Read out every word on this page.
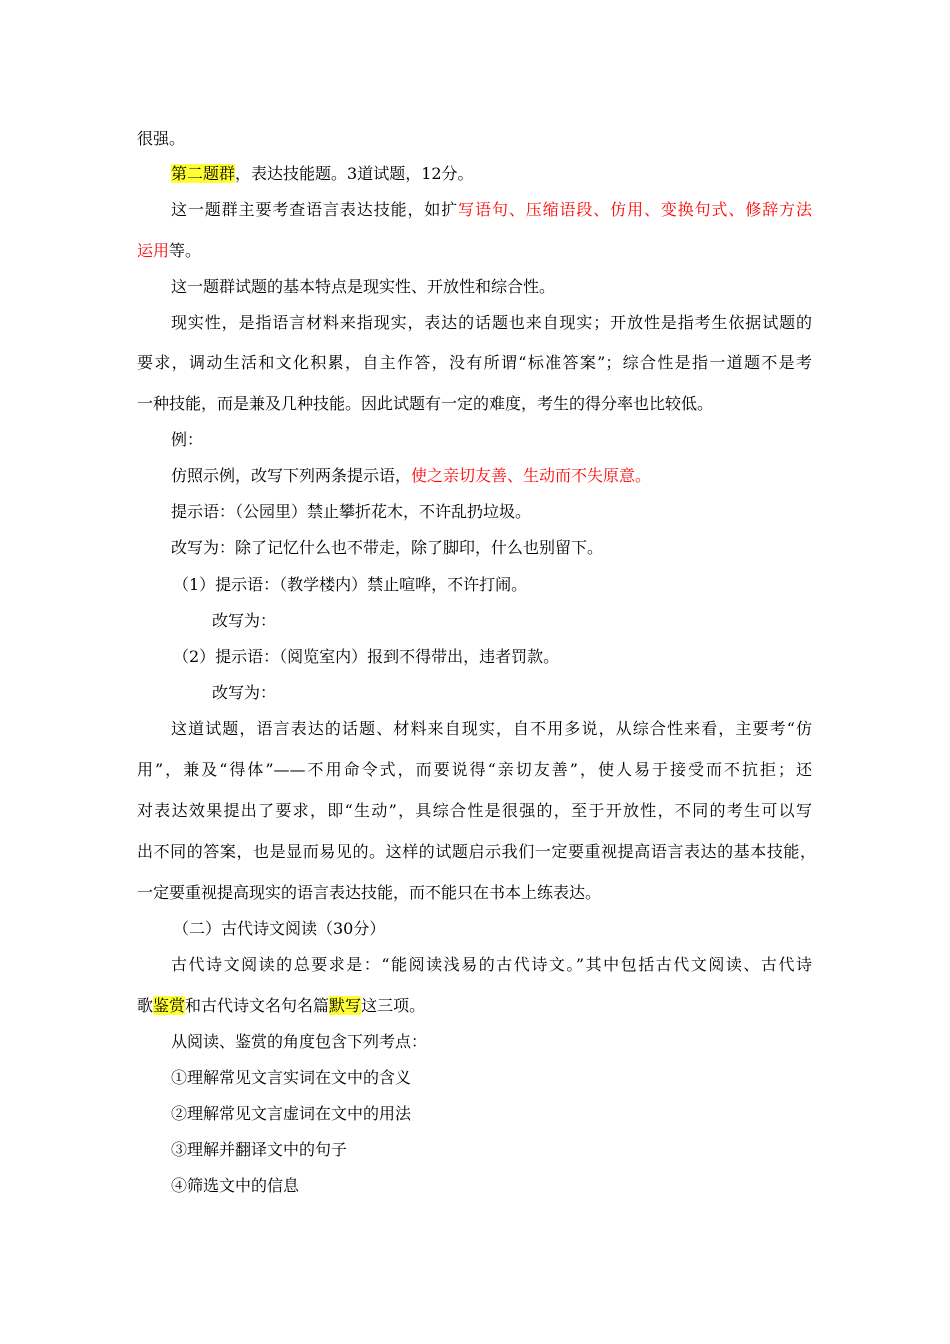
很强。
第二题群，表达技能题。3道试题，12分。
这一题群主要考查语言表达技能，如扩写语句、压缩语段、仿用、变换句式、修辞方法
运用等。
这一题群试题的基本特点是现实性、开放性和综合性。
现实性，是指语言材料来指现实，表达的话题也来自现实；开放性是指考生依据试题的
要求，调动生活和文化积累，自主作答，没有所谓“标准答案”；综合性是指一道题不是考
一种技能，而是兼及几种技能。因此试题有一定的难度，考生的得分率也比较低。
例：
仿照示例，改写下列两条提示语，使之亲切友善、生动而不失原意。
提示语：（公园里）禁止攀折花木，不许乱扔垃圾。
改写为：除了记忆什么也不带走，除了脚印，什么也别留下。
（1）提示语：（教学楼内）禁止喧哗，不许打闹。
改写为：
（2）提示语：（阅览室内）报到不得带出，违者罚款。
改写为：
这道试题，语言表达的话题、材料来自现实，自不用多说，从综合性来看，主要考“仿
用”，兼及“得体”——不用命令式，而要说得“亲切友善”，使人易于接受而不抗拒；还
对表达效果提出了要求，即“生动”，具综合性是很强的，至于开放性，不同的考生可以写
出不同的答案，也是显而易见的。这样的试题启示我们一定要重视提高语言表达的基本技能，
一定要重视提高现实的语言表达技能，而不能只在书本上练表达。
（二）古代诗文阅读（30分）
古代诗文阅读的总要求是：“能阅读浅易的古代诗文。”其中包括古代文阅读、古代诗
歌鉴赏和古代诗文名句名篇默写这三项。
从阅读、鉴赏的角度包含下列考点：
①理解常见文言实词在文中的含义
②理解常见文言虚词在文中的用法
③理解并翻译文中的句子
④筛选文中的信息
